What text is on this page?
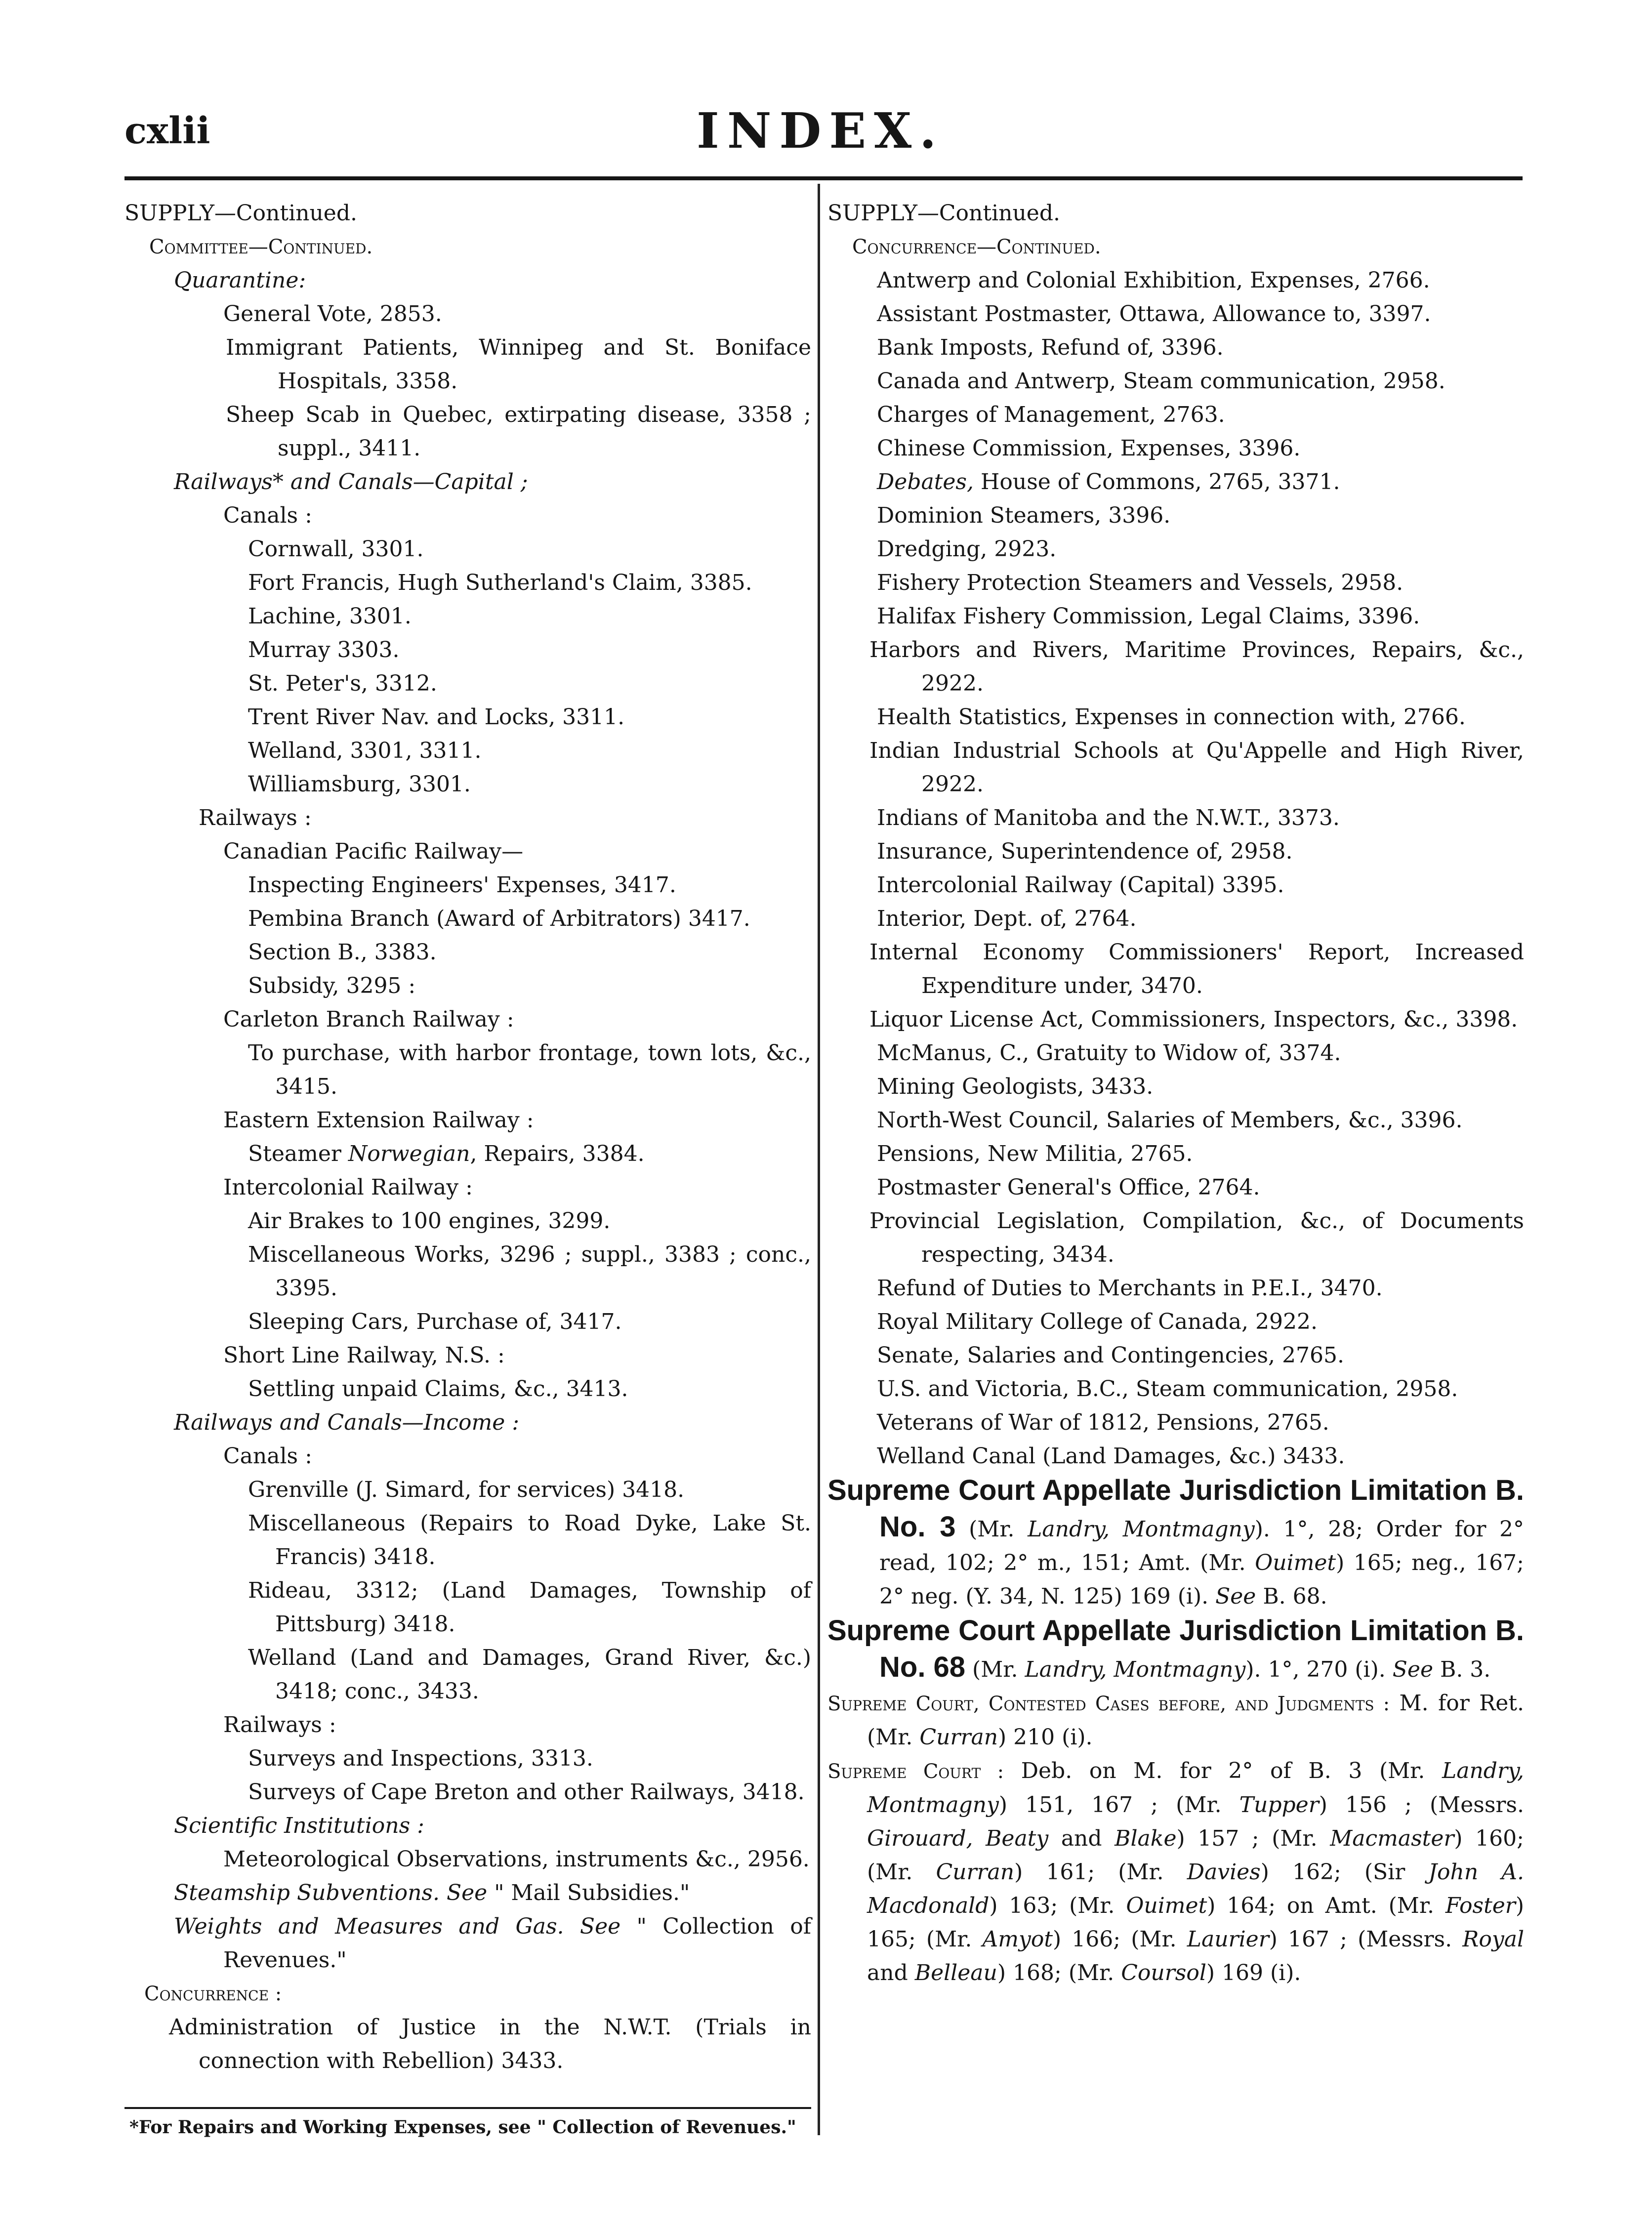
cxlii	INDEX.
SUPPLY—Continued.
Committee—Continued.
Quarantine:
General Vote, 2853.
Immigrant Patients, Winnipeg and St. Boniface Hospitals, 3358.
Sheep Scab in Quebec, extirpating disease, 3358 ; suppl., 3411.
Railways* and Canals—Capital ;
Canals :
Cornwall, 3301.
Fort Francis, Hugh Sutherland's Claim, 3385.
Lachine, 3301.
Murray 3303.
St. Peter's, 3312.
Trent River Nav. and Locks, 3311.
Welland, 3301, 3311.
Williamsburg, 3301.
Railways :
Canadian Pacific Railway—
Inspecting Engineers' Expenses, 3417.
Pembina Branch (Award of Arbitrators) 3417.
Section B., 3383.
Subsidy, 3295 :
Carleton Branch Railway :
To purchase, with harbor frontage, town lots, &c., 3415.
Eastern Extension Railway :
Steamer Norwegian, Repairs, 3384.
Intercolonial Railway :
Air Brakes to 100 engines, 3299.
Miscellaneous Works, 3296 ; suppl., 3383 ; conc., 3395.
Sleeping Cars, Purchase of, 3417.
Short Line Railway, N.S. :
Settling unpaid Claims, &c., 3413.
Railways and Canals—Income :
Canals :
Grenville (J. Simard, for services) 3418.
Miscellaneous (Repairs to Road Dyke, Lake St. Francis) 3418.
Rideau, 3312; (Land Damages, Township of Pittsburg) 3418.
Welland (Land and Damages, Grand River, &c.) 3418; conc., 3433.
Railways :
Surveys and Inspections, 3313.
Surveys of Cape Breton and other Railways, 3418.
Scientific Institutions :
Meteorological Observations, instruments &c., 2956.
Steamship Subventions. See " Mail Subsidies."
Weights and Measures and Gas. See " Collection of Revenues."
Concurrence :
Administration of Justice in the N.W.T. (Trials in connection with Rebellion) 3433.
*For Repairs and Working Expenses, see " Collection of Revenues."
SUPPLY—Continued.
Concurrence—Continued.
Antwerp and Colonial Exhibition, Expenses, 2766.
Assistant Postmaster, Ottawa, Allowance to, 3397.
Bank Imposts, Refund of, 3396.
Canada and Antwerp, Steam communication, 2958.
Charges of Management, 2763.
Chinese Commission, Expenses, 3396.
Debates, House of Commons, 2765, 3371.
Dominion Steamers, 3396.
Dredging, 2923.
Fishery Protection Steamers and Vessels, 2958.
Halifax Fishery Commission, Legal Claims, 3396.
Harbors and Rivers, Maritime Provinces, Repairs, &c., 2922.
Health Statistics, Expenses in connection with, 2766.
Indian Industrial Schools at Qu'Appelle and High River, 2922.
Indians of Manitoba and the N.W.T., 3373.
Insurance, Superintendence of, 2958.
Intercolonial Railway (Capital) 3395.
Interior, Dept. of, 2764.
Internal Economy Commissioners' Report, Increased Expenditure under, 3470.
Liquor License Act, Commissioners, Inspectors, &c., 3398.
McManus, C., Gratuity to Widow of, 3374.
Mining Geologists, 3433.
North-West Council, Salaries of Members, &c., 3396.
Pensions, New Militia, 2765.
Postmaster General's Office, 2764.
Provincial Legislation, Compilation, &c., of Documents respecting, 3434.
Refund of Duties to Merchants in P.E.I., 3470.
Royal Military College of Canada, 2922.
Senate, Salaries and Contingencies, 2765.
U.S. and Victoria, B.C., Steam communication, 2958.
Veterans of War of 1812, Pensions, 2765.
Welland Canal (Land Damages, &c.) 3433.
Supreme Court Appellate Jurisdiction Limitation B. No. 3 (Mr. Landry, Montmagny). 1°, 28; Order for 2° read, 102; 2° m., 151; Amt. (Mr. Ouimet) 165; neg., 167; 2° neg. (Y. 34, N. 125) 169 (i). See B. 68.
Supreme Court Appellate Jurisdiction Limitation B. No. 68 (Mr. Landry, Montmagny). 1°, 270 (i). See B. 3.
Supreme Court, Contested Cases before, and Judgments : M. for Ret. (Mr. Curran) 210 (i).
Supreme Court : Deb. on M. for 2° of B. 3 (Mr. Landry, Montmagny) 151, 167 ; (Mr. Tupper) 156 ; (Messrs. Girouard, Beaty and Blake) 157 ; (Mr. Macmaster) 160; (Mr. Curran) 161; (Mr. Davies) 162; (Sir John A. Macdonald) 163; (Mr. Ouimet) 164; on Amt. (Mr. Foster) 165; (Mr. Amyot) 166; (Mr. Laurier) 167 ; (Messrs. Royal and Belleau) 168; (Mr. Coursol) 169 (i).
